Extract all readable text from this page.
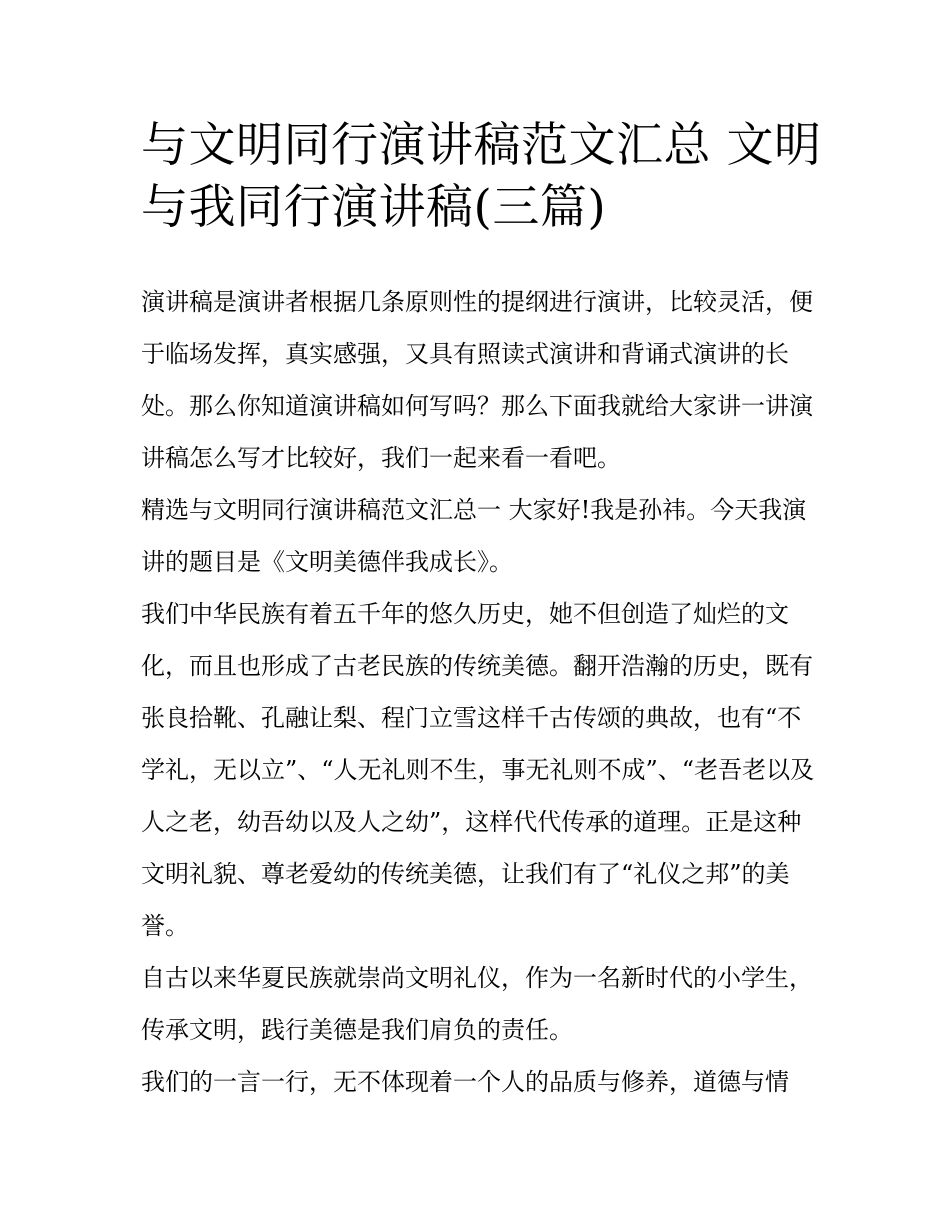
与文明同行演讲稿范文汇总 文明与我同行演讲稿(三篇)

演讲稿是演讲者根据几条原则性的提纲进行演讲，比较灵活，便于临场发挥，真实感强，又具有照读式演讲和背诵式演讲的长处。那么你知道演讲稿如何写吗？那么下面我就给大家讲一讲演讲稿怎么写才比较好，我们一起来看一看吧。

精选与文明同行演讲稿范文汇总一 大家好!我是孙祎。今天我演讲的题目是《文明美德伴我成长》。

我们中华民族有着五千年的悠久历史，她不但创造了灿烂的文化，而且也形成了古老民族的传统美德。翻开浩瀚的历史，既有张良拾靴、孔融让梨、程门立雪这样千古传颂的典故，也有“不学礼，无以立”、“人无礼则不生，事无礼则不成”、“老吾老以及人之老，幼吾幼以及人之幼”，这样代代传承的道理。正是这种文明礼貌、尊老爱幼的传统美德，让我们有了“礼仪之邦”的美誉。

自古以来华夏民族就崇尚文明礼仪，作为一名新时代的小学生，传承文明，践行美德是我们肩负的责任。

我们的一言一行，无不体现着一个人的品质与修养，道德与情
